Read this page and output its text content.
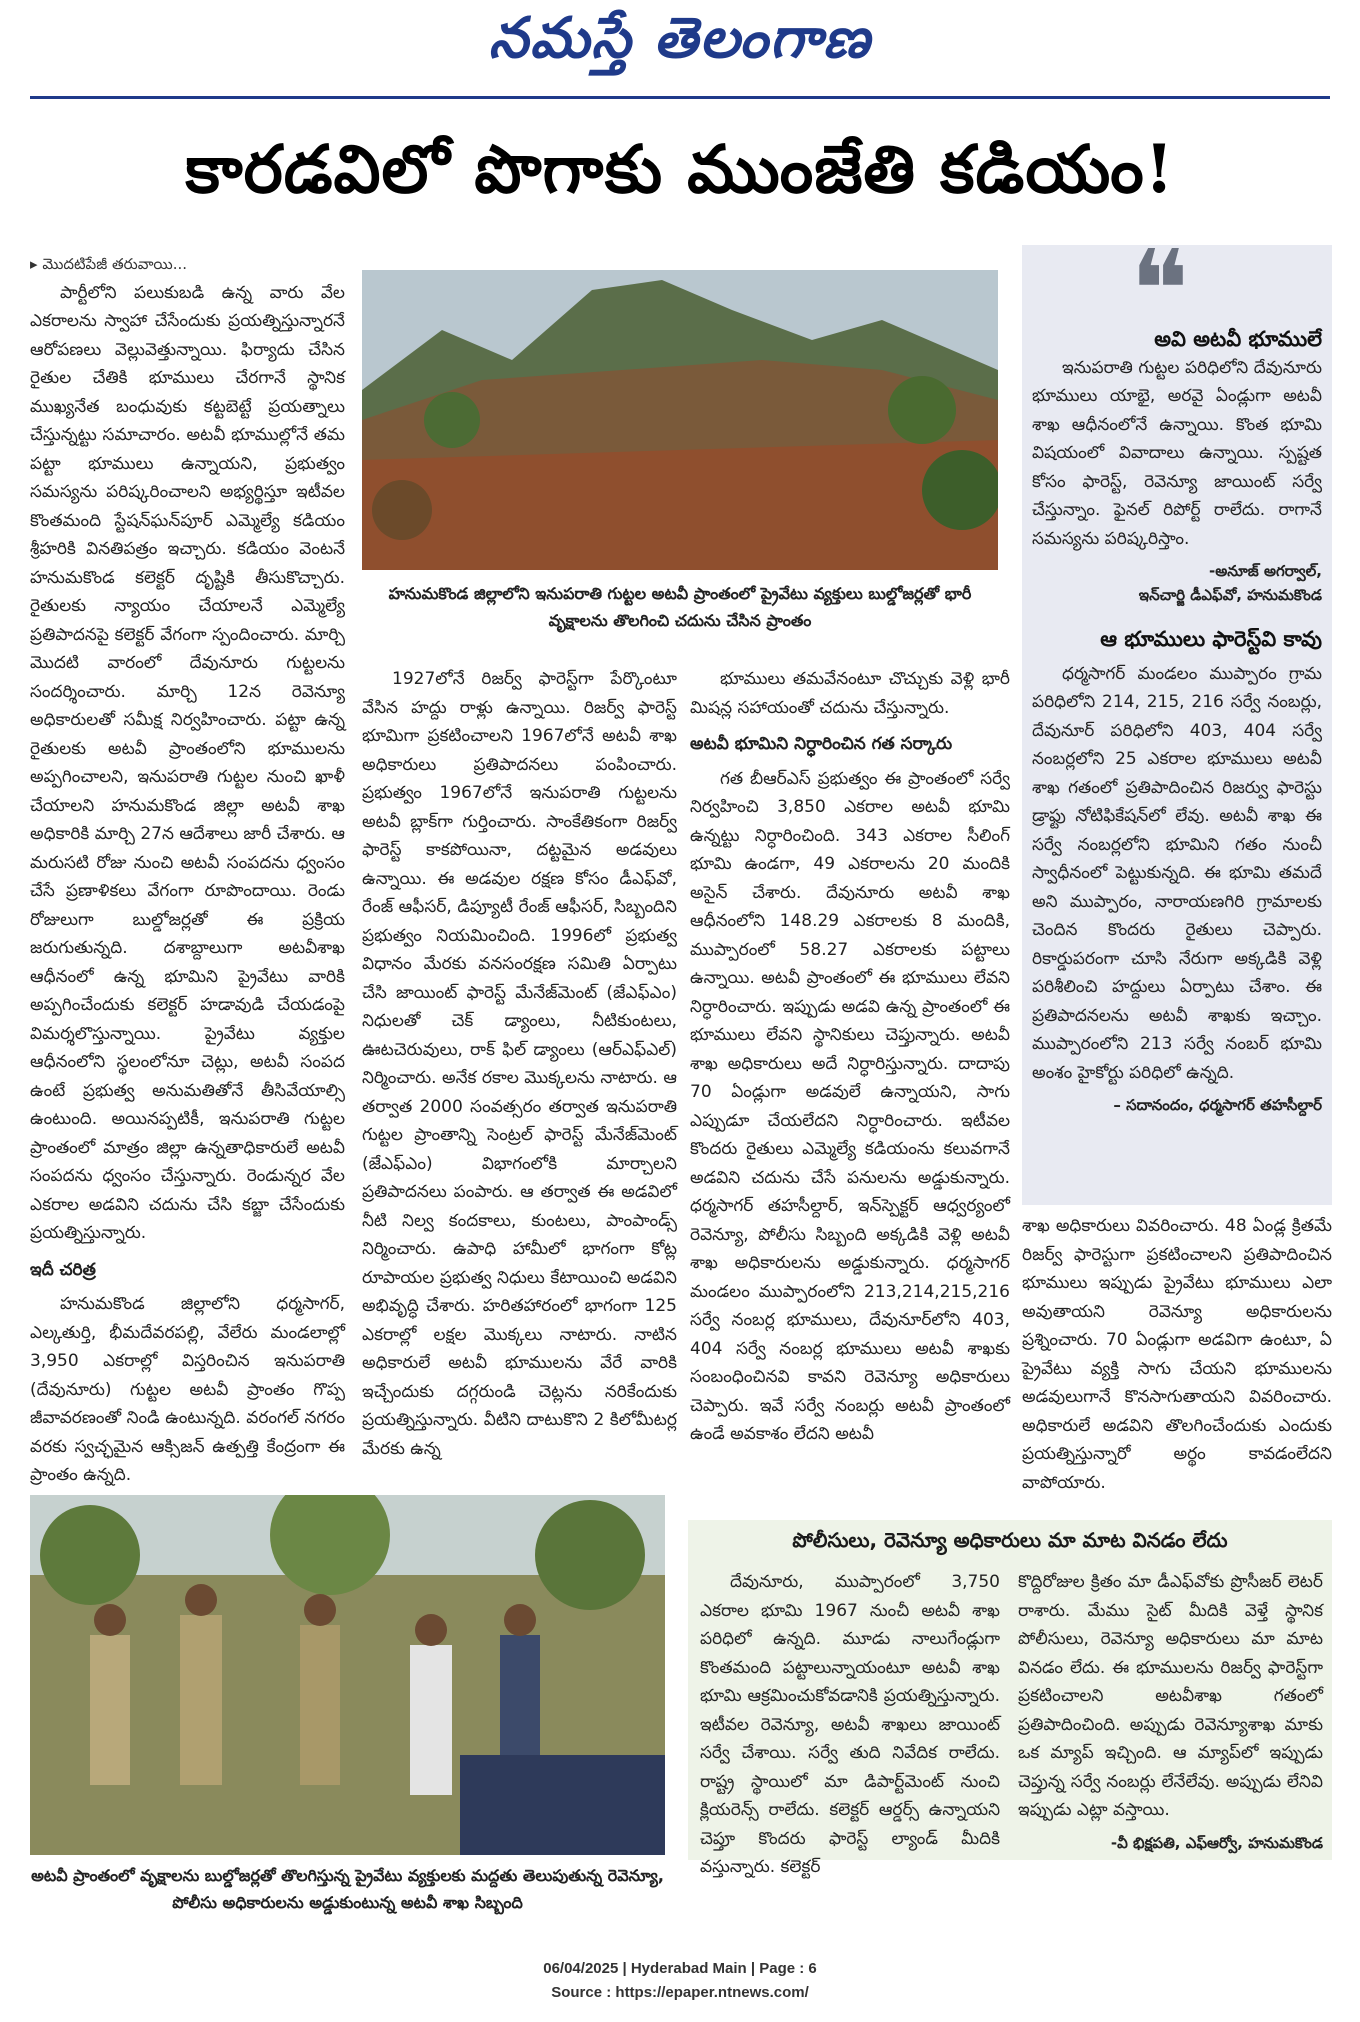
నమస్తే తెలంగాణ
కారడవిలో పొగాకు ముంజేతి కడియం!
▸ మొదటిపేజీ తరువాయి...

పార్టీలోని పలుకుబడి ఉన్న వారు వేల ఎకరాలను స్వాహా చేసేందుకు ప్రయత్నిస్తున్నారనే ఆరోపణలు వెల్లువెత్తున్నాయి. ఫిర్యాదు చేసిన రైతుల చేతికి భూములు చేరగానే స్థానిక ముఖ్యనేత బంధువుకు కట్టబెట్టే ప్రయత్నాలు చేస్తున్నట్టు సమాచారం. అటవీ భూముల్లోనే తమ పట్టా భూములు ఉన్నాయని, ప్రభుత్వం సమస్యను పరిష్కరించాలని అభ్యర్థిస్తూ ఇటీవల కొంతమంది స్టేషన్‌ఘన్‌పూర్ ఎమ్మెల్యే కడియం శ్రీహరికి వినతిపత్రం ఇచ్చారు. కడియం వెంటనే హనుమకొండ కలెక్టర్ దృష్టికి తీసుకొచ్చారు. రైతులకు న్యాయం చేయాలనే ఎమ్మెల్యే ప్రతిపాదనపై కలెక్టర్ వేగంగా స్పందించారు. మార్చి మొదటి వారంలో దేవునూరు గుట్టలను సందర్శించారు. మార్చి 12న రెవెన్యూ అధికారులతో సమీక్ష నిర్వహించారు. పట్టా ఉన్న రైతులకు అటవీ ప్రాంతంలోని భూములను అప్పగించాలని, ఇనుపరాతి గుట్టల నుంచి ఖాళీ చేయాలని హనుమకొండ జిల్లా అటవీ శాఖ అధికారికి మార్చి 27న ఆదేశాలు జారీ చేశారు. ఆ మరుసటి రోజు నుంచి అటవీ సంపదను ధ్వంసం చేసే ప్రణాళికలు వేగంగా రూపొందాయి. రెండు రోజులుగా బుల్డోజర్లతో ఈ ప్రక్రియ జరుగుతున్నది. దశాబ్దాలుగా అటవీశాఖ ఆధీనంలో ఉన్న భూమిని ప్రైవేటు వారికి అప్పగించేందుకు కలెక్టర్ హడావుడి చేయడంపై విమర్శలొస్తున్నాయి. ప్రైవేటు వ్యక్తుల ఆధీనంలోని స్థలంలోనూ చెట్లు, అటవీ సంపద ఉంటే ప్రభుత్వ అనుమతితోనే తీసివేయాల్సి ఉంటుంది. అయినప్పటికీ, ఇనుపరాతి గుట్టల ప్రాంతంలో మాత్రం జిల్లా ఉన్నతాధికారులే అటవీ సంపదను ధ్వంసం చేస్తున్నారు. రెండున్నర వేల ఎకరాల అడవిని చదును చేసి కబ్జా చేసేందుకు ప్రయత్నిస్తున్నారు.

ఇదీ చరిత్ర

హనుమకొండ జిల్లాలోని ధర్మసాగర్, ఎల్కతుర్తి, భీమదేవరపల్లి, వేలేరు మండలాల్లో 3,950 ఎకరాల్లో విస్తరించిన ఇనుపరాతి (దేవునూరు) గుట్టల అటవీ ప్రాంతం గొప్ప జీవావరణంతో నిండి ఉంటున్నది. వరంగల్ నగరం వరకు స్వచ్ఛమైన ఆక్సిజన్ ఉత్పత్తి కేంద్రంగా ఈ ప్రాంతం ఉన్నది.

హనుమకొండ జిల్లాలోని ఇనుపరాతి గుట్టల అటవీ ప్రాంతంలో ప్రైవేటు వ్యక్తులు బుల్డోజర్లతో భారీ వృక్షాలను తొలగించి చదును చేసిన ప్రాంతం

1927లోనే రిజర్వ్ ఫారెస్ట్‌గా పేర్కొంటూ వేసిన హద్దు రాళ్లు ఉన్నాయి. రిజర్వ్ ఫారెస్ట్ భూమిగా ప్రకటించాలని 1967లోనే అటవీ శాఖ అధికారులు ప్రతిపాదనలు పంపించారు. ప్రభుత్వం 1967లోనే ఇనుపరాతి గుట్టలను అటవీ బ్లాక్‌గా గుర్తించారు. సాంకేతికంగా రిజర్వ్ ఫారెస్ట్ కాకపోయినా, దట్టమైన అడవులు ఉన్నాయి. ఈ అడవుల రక్షణ కోసం డీఎఫ్‌వో, రేంజ్ ఆఫీసర్, డిప్యూటీ రేంజ్ ఆఫీసర్, సిబ్బందిని ప్రభుత్వం నియమించింది. 1996లో ప్రభుత్వ విధానం మేరకు వనసంరక్షణ సమితి ఏర్పాటు చేసి జాయింట్ ఫారెస్ట్ మేనేజ్‌మెంట్ (జేఎఫ్‌ఎం) నిధులతో చెక్ డ్యాంలు, నీటికుంటలు, ఊటచెరువులు, రాక్ ఫిల్ డ్యాంలు (ఆర్ఎఫ్‌ఎల్) నిర్మించారు. అనేక రకాల మొక్కలను నాటారు. ఆ తర్వాత 2000 సంవత్సరం తర్వాత ఇనుపరాతి గుట్టల ప్రాంతాన్ని సెంట్రల్ ఫారెస్ట్ మేనేజ్‌మెంట్ (జేఎఫ్‌ఎం) విభాగంలోకి మార్చాలని ప్రతిపాదనలు పంపారు. ఆ తర్వాత ఈ అడవిలో నీటి నిల్వ కందకాలు, కుంటలు, పాంపాండ్స్ నిర్మించారు. ఉపాధి హామీలో భాగంగా కోట్ల రూపాయల ప్రభుత్వ నిధులు కేటాయించి అడవిని అభివృద్ధి చేశారు. హరితహారంలో భాగంగా 125 ఎకరాల్లో లక్షల మొక్కలు నాటారు. నాటిన అధికారులే అటవీ భూములను వేరే వారికి ఇచ్చేందుకు దగ్గరుండి చెట్లను నరికేందుకు ప్రయత్నిస్తున్నారు. వీటిని దాటుకొని 2 కిలోమీటర్ల మేరకు ఉన్న

భూములు తమవేనంటూ చొచ్చుకు వెళ్లి భారీ మిషన్ల సహాయంతో చదును చేస్తున్నారు.

అటవీ భూమిని నిర్ధారించిన గత సర్కారు

గత బీఆర్ఎస్ ప్రభుత్వం ఈ ప్రాంతంలో సర్వే నిర్వహించి 3,850 ఎకరాల అటవీ భూమి ఉన్నట్టు నిర్ధారించింది. 343 ఎకరాల సీలింగ్ భూమి ఉండగా, 49 ఎకరాలను 20 మందికి అసైన్ చేశారు. దేవునూరు అటవీ శాఖ ఆధీనంలోని 148.29 ఎకరాలకు 8 మందికి, ముప్పారంలో 58.27 ఎకరాలకు పట్టాలు ఉన్నాయి. అటవీ ప్రాంతంలో ఈ భూములు లేవని నిర్ధారించారు. ఇప్పుడు అడవి ఉన్న ప్రాంతంలో ఈ భూములు లేవని స్థానికులు చెప్తున్నారు. అటవీ శాఖ అధికారులు అదే నిర్ధారిస్తున్నారు. దాదాపు 70 ఏండ్లుగా అడవులే ఉన్నాయని, సాగు ఎప్పుడూ చేయలేదని నిర్ధారించారు. ఇటీవల కొందరు రైతులు ఎమ్మెల్యే కడియంను కలువగానే అడవిని చదును చేసే పనులను అడ్డుకున్నారు. ధర్మసాగర్ తహసీల్దార్, ఇన్‌స్పెక్టర్ ఆధ్వర్యంలో రెవెన్యూ, పోలీసు సిబ్బంది అక్కడికి వెళ్లి అటవీ శాఖ అధికారులను అడ్డుకున్నారు. ధర్మసాగర్ మండలం ముప్పారంలోని 213,214,215,216 సర్వే నంబర్ల భూములు, దేవునూర్‌లోని 403, 404 సర్వే నంబర్ల భూములు అటవీ శాఖకు సంబంధించినవి కావని రెవెన్యూ అధికారులు చెప్పారు. ఇవే సర్వే నంబర్లు అటవీ ప్రాంతంలో ఉండే అవకాశం లేదని అటవీ

❝
అవి అటవీ భూములే

ఇనుపరాతి గుట్టల పరిధిలోని దేవునూరు భూములు యాభై, అరవై ఏండ్లుగా అటవీ శాఖ ఆధీనంలోనే ఉన్నాయి. కొంత భూమి విషయంలో వివాదాలు ఉన్నాయి. స్పష్టత కోసం ఫారెస్ట్, రెవెన్యూ జాయింట్ సర్వే చేస్తున్నాం. ఫైనల్ రిపోర్ట్ రాలేదు. రాగానే సమస్యను పరిష్కరిస్తాం.

-అనూజ్ అగర్వాల్,
ఇన్‌చార్జి డీఎఫ్‌వో, హనుమకొండ
ఆ భూములు ఫారెస్ట్‌వి కావు

ధర్మసాగర్ మండలం ముప్పారం గ్రామ పరిధిలోని 214, 215, 216 సర్వే నంబర్లు, దేవునూర్ పరిధిలోని 403, 404 సర్వే నంబర్లలోని 25 ఎకరాల భూములు అటవీ శాఖ గతంలో ప్రతిపాదించిన రిజర్వు ఫారెస్టు డ్రాఫ్టు నోటిఫికేషన్‌లో లేవు. అటవీ శాఖ ఈ సర్వే నంబర్లలోని భూమిని గతం నుంచీ స్వాధీనంలో పెట్టుకున్నది. ఈ భూమి తమదే అని ముప్పారం, నారాయణగిరి గ్రామాలకు చెందిన కొందరు రైతులు చెప్పారు. రికార్డుపరంగా చూసి నేరుగా అక్కడికి వెళ్లి పరిశీలించి హద్దులు ఏర్పాటు చేశాం. ఈ ప్రతిపాదనలను అటవీ శాఖకు ఇచ్చాం. ముప్పారంలోని 213 సర్వే నంబర్ భూమి అంశం హైకోర్టు పరిధిలో ఉన్నది.

– సదానందం, ధర్మసాగర్ తహసీల్దార్

శాఖ అధికారులు వివరించారు. 48 ఏండ్ల క్రితమే రిజర్వ్ ఫారెస్టుగా ప్రకటించాలని ప్రతిపాదించిన భూములు ఇప్పుడు ప్రైవేటు భూములు ఎలా అవుతాయని రెవెన్యూ అధికారులను ప్రశ్నించారు. 70 ఏండ్లుగా అడవిగా ఉంటూ, ఏ ప్రైవేటు వ్యక్తి సాగు చేయని భూములను అడవులుగానే కొనసాగుతాయని వివరించారు. అధికారులే అడవిని తొలగించేందుకు ఎందుకు ప్రయత్నిస్తున్నారో అర్థం కావడంలేదని వాపోయారు.

అటవీ ప్రాంతంలో వృక్షాలను బుల్డోజర్లతో తొలగిస్తున్న ప్రైవేటు వ్యక్తులకు మద్దతు తెలుపుతున్న రెవెన్యూ, పోలీసు అధికారులను అడ్డుకుంటున్న అటవీ శాఖ సిబ్బంది
పోలీసులు, రెవెన్యూ అధికారులు మా మాట వినడం లేదు

దేవునూరు, ముప్పారంలో 3,750 ఎకరాల భూమి 1967 నుంచీ అటవీ శాఖ పరిధిలో ఉన్నది. మూడు నాలుగేండ్లుగా కొంతమంది పట్టాలున్నాయంటూ అటవీ శాఖ భూమి ఆక్రమించుకోవడానికి ప్రయత్నిస్తున్నారు. ఇటీవల రెవెన్యూ, అటవీ శాఖలు జాయింట్ సర్వే చేశాయి. సర్వే తుది నివేదిక రాలేదు. రాష్ట్ర స్థాయిలో మా డిపార్ట్‌మెంట్ నుంచి క్లియరెన్స్ రాలేదు. కలెక్టర్ ఆర్డర్స్ ఉన్నాయని చెప్తూ కొందరు ఫారెస్ట్ ల్యాండ్ మీదికి వస్తున్నారు. కలెక్టర్

కొద్దిరోజుల క్రితం మా డీఎఫ్‌వోకు ప్రొసీజర్ లెటర్ రాశారు. మేము సైట్ మీదికి వెళ్తే స్థానిక పోలీసులు, రెవెన్యూ అధికారులు మా మాట వినడం లేదు. ఈ భూములను రిజర్వ్ ఫారెస్ట్‌గా ప్రకటించాలని అటవీశాఖ గతంలో ప్రతిపాదించింది. అప్పుడు రెవెన్యూశాఖ మాకు ఒక మ్యాప్ ఇచ్చింది. ఆ మ్యాప్‌లో ఇప్పుడు చెప్తున్న సర్వే నంబర్లు లేనేలేవు. అప్పుడు లేనివి ఇప్పుడు ఎట్లా వస్తాయి.

-వీ భిక్షపతి, ఎఫ్ఆర్వో, హనుమకొండ
06/04/2025 | Hyderabad Main | Page : 6
Source : https://epaper.ntnews.com/
